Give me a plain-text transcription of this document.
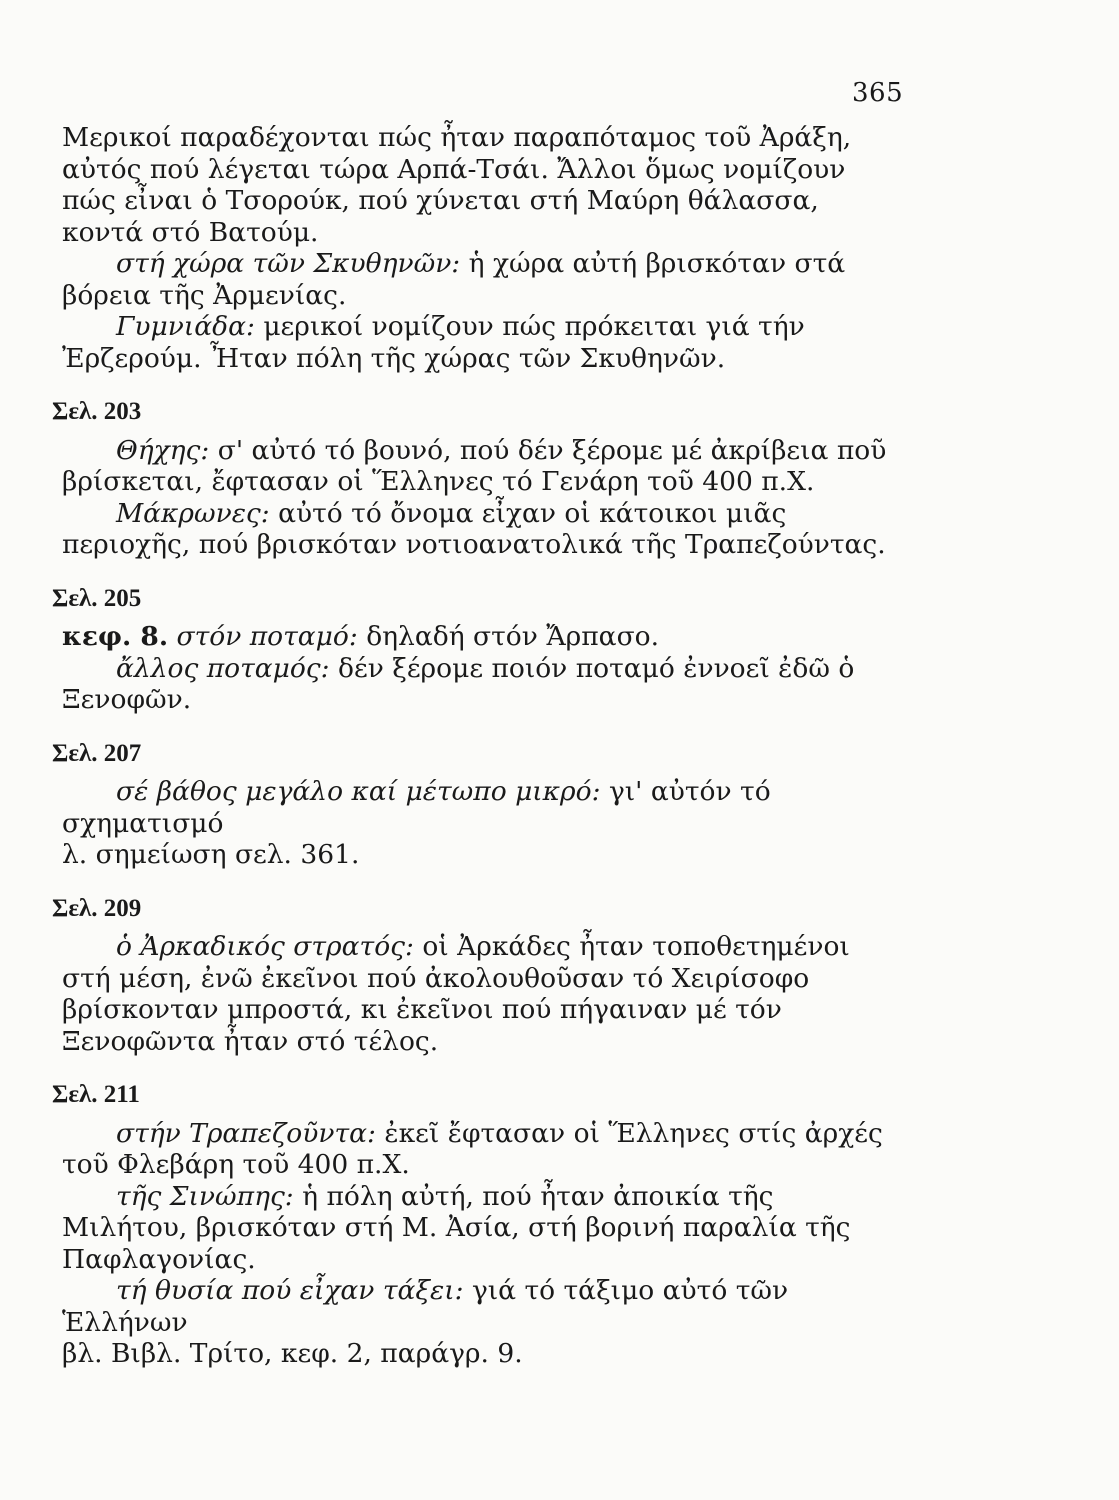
365

Μερικοί παραδέχονται πώς ἦταν παραπόταμος τοῦ Ἀράξη, αὐτός πού λέγεται τώρα Αρπά-Τσάι. Ἄλλοι ὅμως νομίζουν πώς εἶναι ὁ Τσορούκ, πού χύνεται στή Μαύρη θάλασσα, κοντά στό Βατούμ.

στή χώρα τῶν Σκυθηνῶν: ἡ χώρα αὐτή βρισκόταν στά βόρεια τῆς Ἀρμενίας.

Γυμνιάδα: μερικοί νομίζουν πώς πρόκειται γιά τήν Ἐρζερούμ. Ἦταν πόλη τῆς χώρας τῶν Σκυθηνῶν.

Σελ. 203

Θήχης: σ' αὐτό τό βουνό, πού δέν ξέρομε μέ ἀκρίβεια ποῦ βρίσκεται, ἔφτασαν οἱ Ἕλληνες τό Γενάρη τοῦ 400 π.Χ.

Μάκρωνες: αὐτό τό ὄνομα εἶχαν οἱ κάτοικοι μιᾶς περιοχῆς, πού βρισκόταν νοτιοανατολικά τῆς Τραπεζούντας.

Σελ. 205

κεφ. 8. στόν ποταμό: δηλαδή στόν Ἄρπασο.

ἄλλος ποταμός: δέν ξέρομε ποιόν ποταμό ἐννοεῖ ἐδῶ ὁ Ξενοφῶν.

Σελ. 207

σέ βάθος μεγάλο καί μέτωπο μικρό: γι' αὐτόν τό σχηματισμό

λ. σημείωση σελ. 361.

Σελ. 209

ὁ Ἀρκαδικός στρατός: οἱ Ἀρκάδες ἦταν τοποθετημένοι στή μέση, ἐνῶ ἐκεῖνοι πού ἀκολουθοῦσαν τό Χειρίσοφο βρίσκονταν μπροστά, κι ἐκεῖνοι πού πήγαιναν μέ τόν Ξενοφῶντα ἦταν στό τέλος.

Σελ. 211

στήν Τραπεζοῦντα: ἐκεῖ ἔφτασαν οἱ Ἕλληνες στίς ἀρχές τοῦ Φλεβάρη τοῦ 400 π.Χ.

τῆς Σινώπης: ἡ πόλη αὐτή, πού ἦταν ἀποικία τῆς Μιλήτου, βρισκόταν στή Μ. Ἀσία, στή βορινή παραλία τῆς Παφλαγονίας.

τή θυσία πού εἶχαν τάξει: γιά τό τάξιμο αὐτό τῶν Ἑλλήνων

βλ. Βιβλ. Τρίτο, κεφ. 2, παράγρ. 9.
